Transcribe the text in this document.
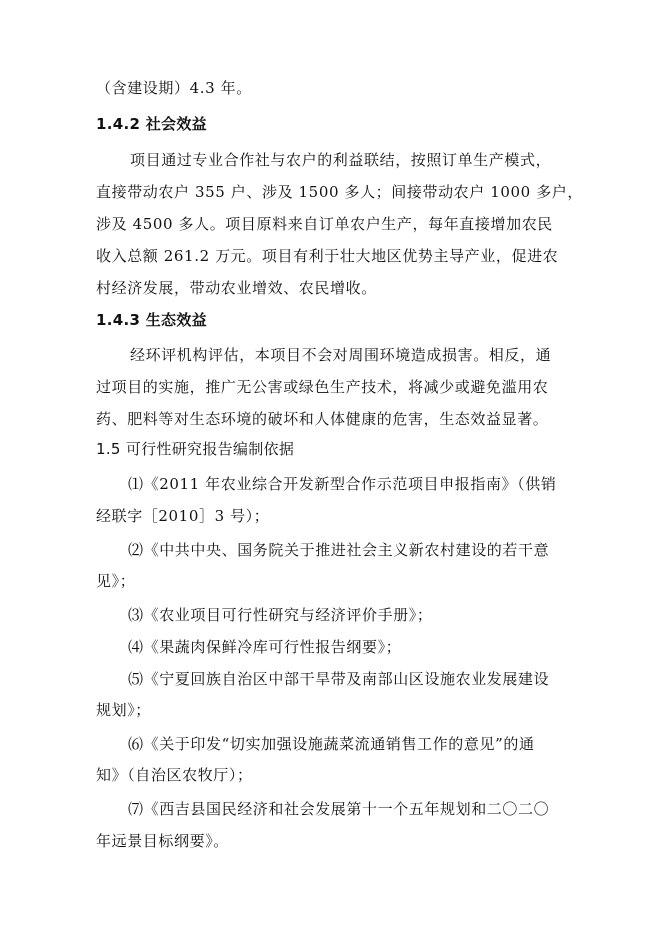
（含建设期）4.3 年。
1.4.2 社会效益
项目通过专业合作社与农户的利益联结，按照订单生产模式，
直接带动农户 355 户、涉及 1500 多人；间接带动农户 1000 多户，
涉及 4500 多人。项目原料来自订单农户生产，每年直接增加农民
收入总额 261.2 万元。项目有利于壮大地区优势主导产业，促进农
村经济发展，带动农业增效、农民增收。
1.4.3 生态效益
经环评机构评估，本项目不会对周围环境造成损害。相反，通
过项目的实施，推广无公害或绿色生产技术，将减少或避免滥用农
药、肥料等对生态环境的破坏和人体健康的危害，生态效益显著。
1.5 可行性研究报告编制依据
⑴《2011 年农业综合开发新型合作示范项目申报指南》（供销
经联字［2010］3 号）；
⑵《中共中央、国务院关于推进社会主义新农村建设的若干意
见》；
⑶《农业项目可行性研究与经济评价手册》；
⑷《果蔬肉保鲜冷库可行性报告纲要》；
⑸《宁夏回族自治区中部干旱带及南部山区设施农业发展建设
规划》；
⑹《关于印发“切实加强设施蔬菜流通销售工作的意见”的通
知》（自治区农牧厅）；
⑺《西吉县国民经济和社会发展第十一个五年规划和二〇二〇
年远景目标纲要》。
